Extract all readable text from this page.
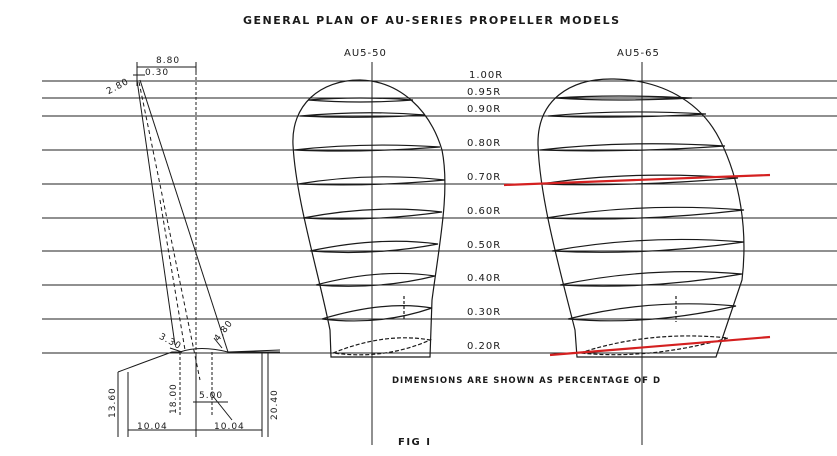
GENERAL PLAN OF AU-SERIES PROPELLER MODELS
AU5-50	AU5-65
1.00R
0.95R
0.90R
0.80R
0.70R
0.60R
0.50R
0.40R
0.30R
0.20R
DIMENSIONS ARE SHOWN AS PERCENTAGE OF D
FIG I
8.80
0.30
2.80
3.30	4.80
13.60	18.00 5.00	20.40
10.04	10.04
